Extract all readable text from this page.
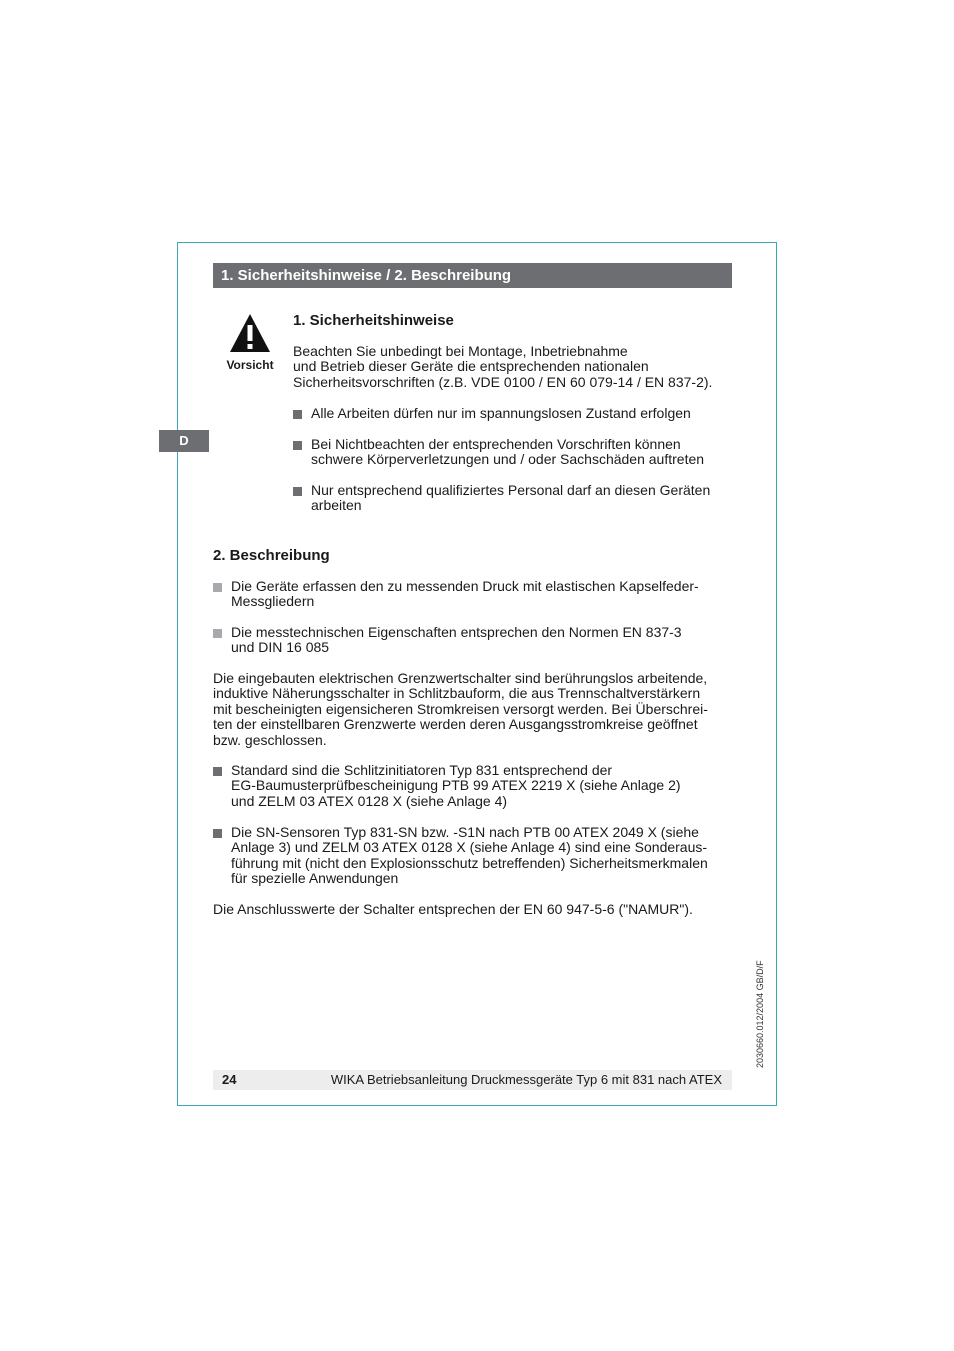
1. Sicherheitshinweise / 2. Beschreibung
D
Vorsicht
1. Sicherheitshinweise
Beachten Sie unbedingt bei Montage, Inbetriebnahme
und Betrieb dieser Geräte die entsprechenden nationalen
Sicherheitsvorschriften (z.B. VDE 0100 / EN 60 079-14 / EN 837-2).
Alle Arbeiten dürfen nur im spannungslosen Zustand erfolgen
Bei Nichtbeachten der entsprechenden Vorschriften können
schwere Körperverletzungen und / oder Sachschäden auftreten
Nur entsprechend qualifiziertes Personal darf an diesen Geräten
arbeiten
2. Beschreibung
Die Geräte erfassen den zu messenden Druck mit elastischen Kapselfeder-
Messgliedern
Die messtechnischen Eigenschaften entsprechen den Normen EN 837-3
und DIN 16 085
Die eingebauten elektrischen Grenzwertschalter sind berührungslos arbeitende,
induktive Näherungsschalter in Schlitzbauform, die aus Trennschaltverstärkern
mit bescheinigten eigensicheren Stromkreisen versorgt werden. Bei Überschrei-
ten der einstellbaren Grenzwerte werden deren Ausgangsstromkreise geöffnet
bzw. geschlossen.
Standard sind die Schlitzinitiatoren Typ 831 entsprechend der
EG-Baumusterprüfbescheinigung PTB 99 ATEX 2219 X (siehe Anlage 2)
und ZELM 03 ATEX 0128 X (siehe Anlage 4)
Die SN-Sensoren Typ 831-SN bzw. -S1N nach PTB 00 ATEX 2049 X (siehe
Anlage 3) und ZELM 03 ATEX 0128 X (siehe Anlage 4) sind eine Sonderaus-
führung mit (nicht den Explosionsschutz betreffenden) Sicherheitsmerkmalen
für spezielle Anwendungen
Die Anschlusswerte der Schalter entsprechen der EN 60 947-5-6 ("NAMUR").
2030660.012/2004 GB/D/F
24	WIKA Betriebsanleitung Druckmessgeräte Typ 6 mit 831 nach ATEX
